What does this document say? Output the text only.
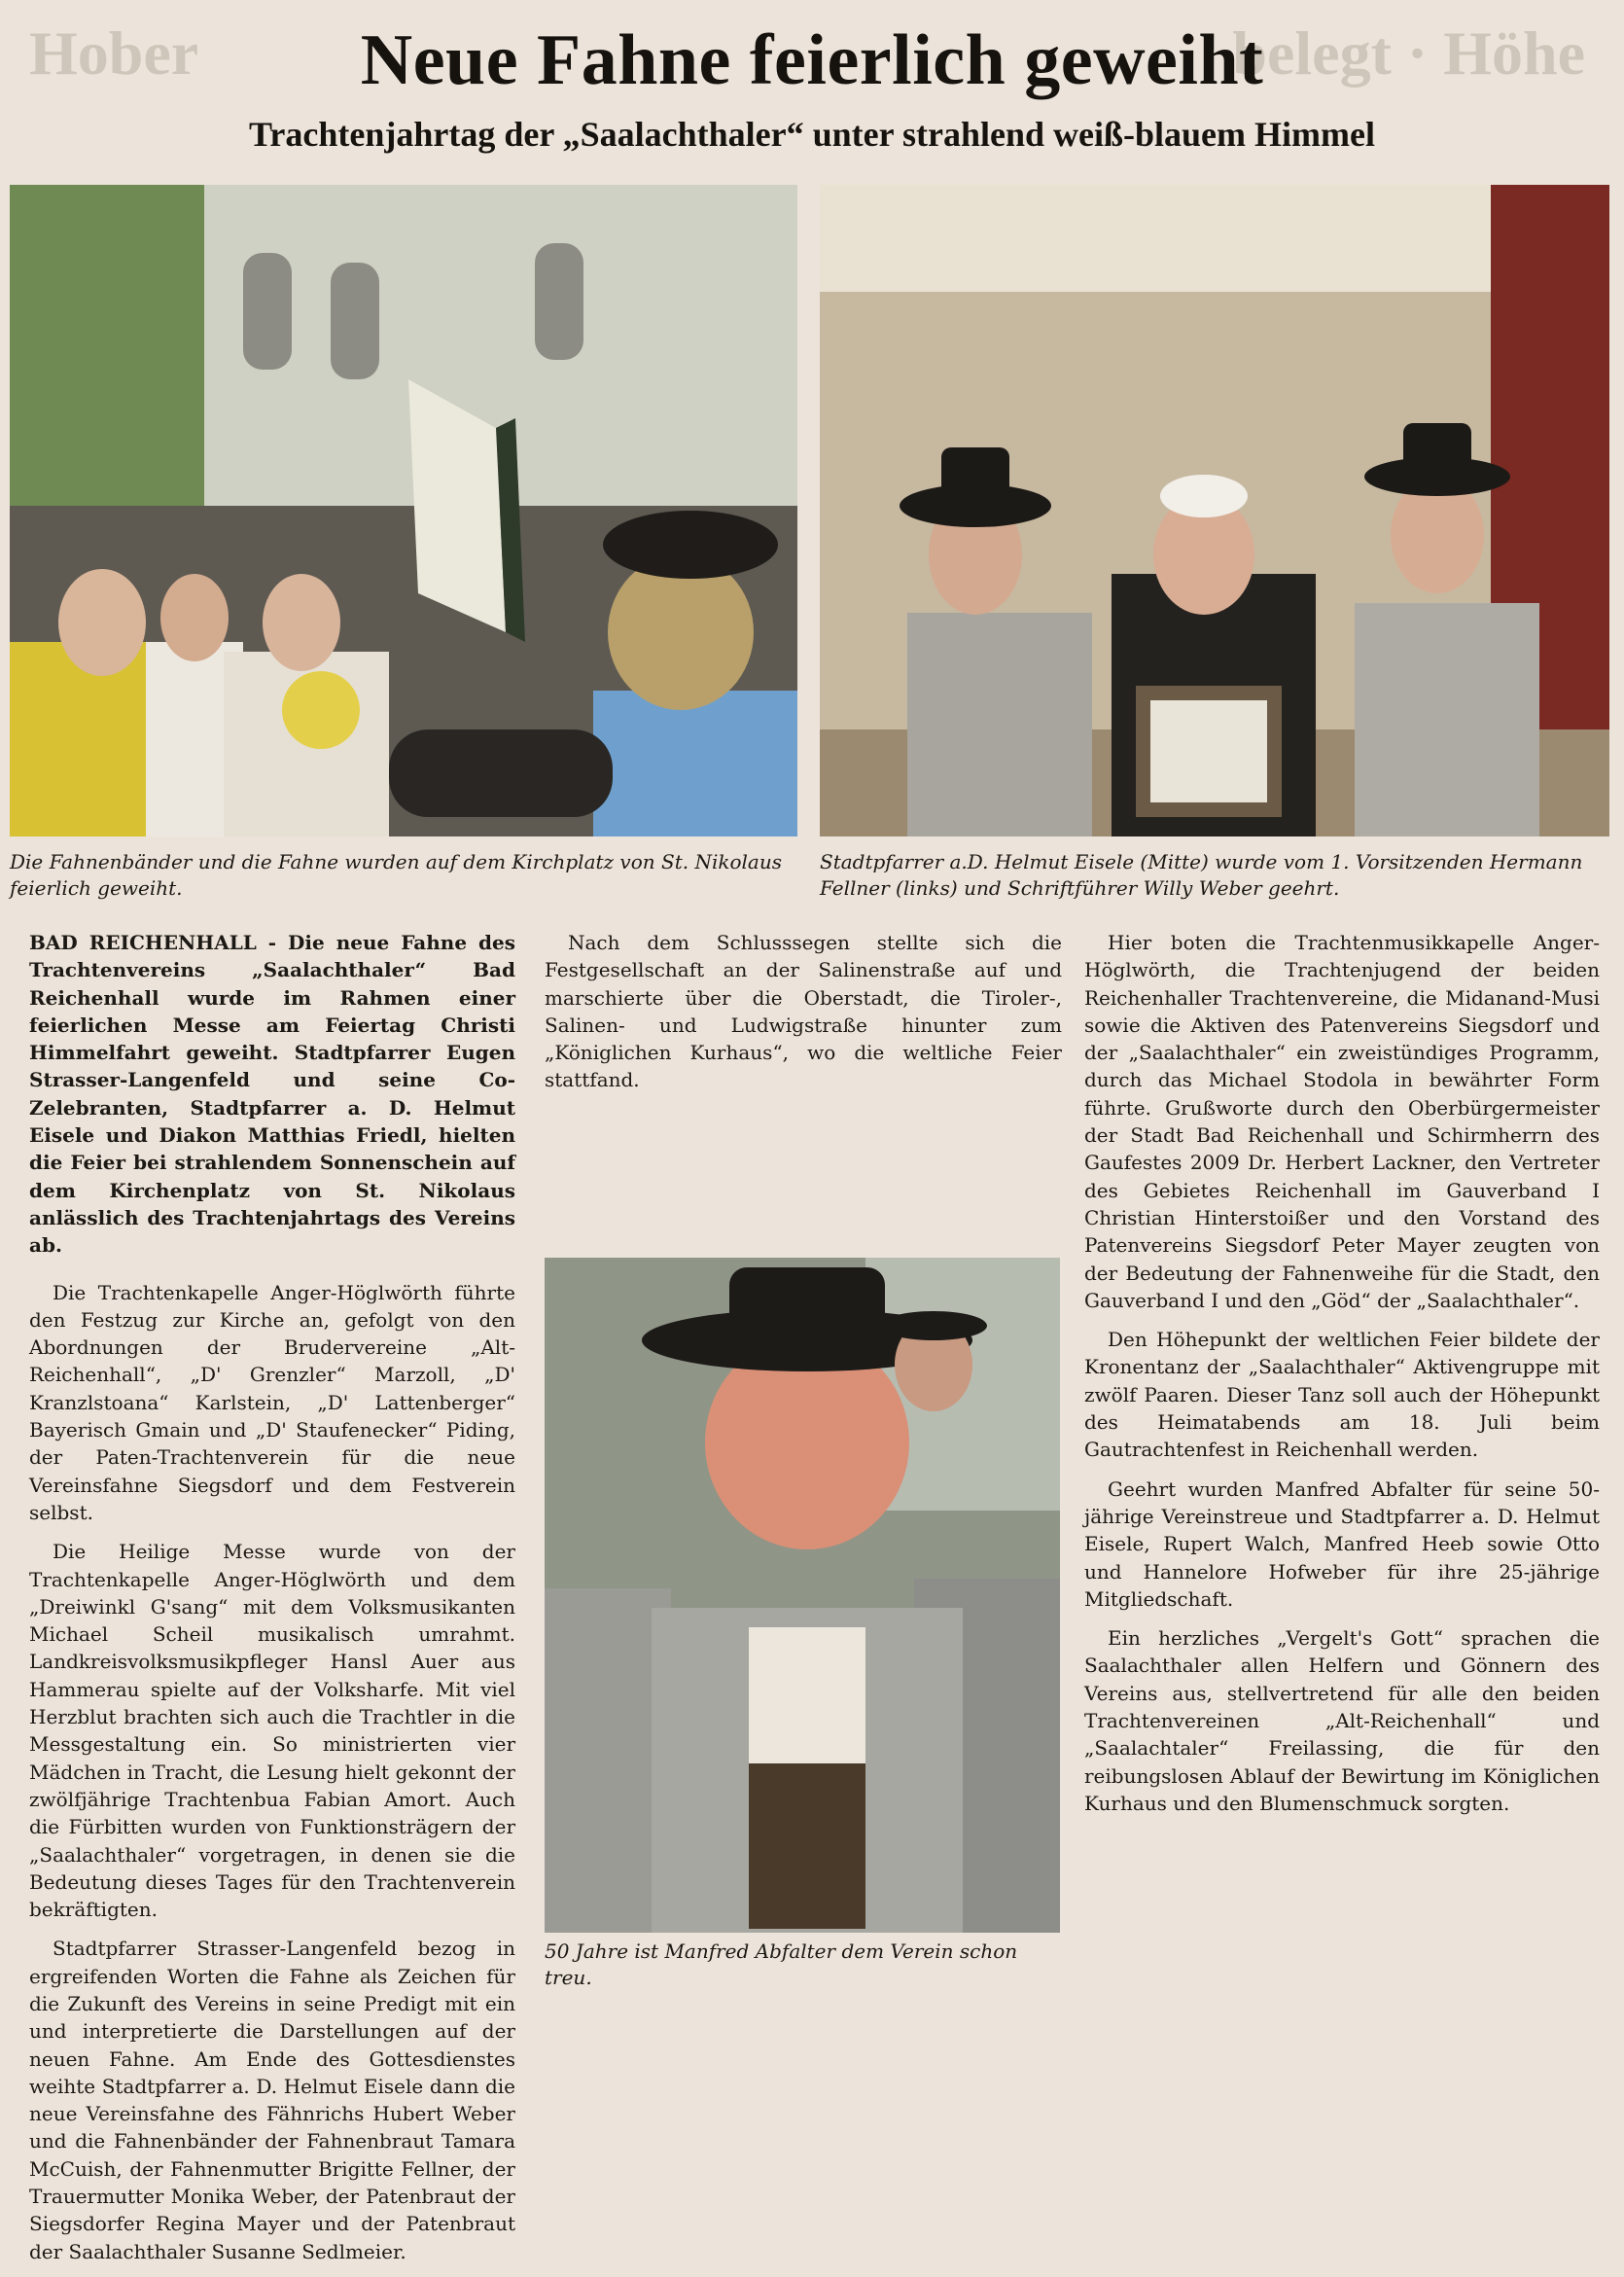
Hober	belegt · Höhe
Neue Fahne feierlich geweiht
Trachtenjahrtag der „Saalachthaler“ unter strahlend weiß-blauem Himmel

Die Fahnenbänder und die Fahne wurden auf dem Kirchplatz von St. Nikolaus feierlich geweiht.

Stadtpfarrer a.D. Helmut Eisele (Mitte) wurde vom 1. Vorsitzenden Hermann Fellner (links) und Schriftführer Willy Weber geehrt.

50 Jahre ist Manfred Abfalter dem Verein schon treu.

BAD REICHENHALL - Die neue Fahne des Trachtenvereins „Saalachthaler“ Bad Reichenhall wurde im Rahmen einer feierlichen Messe am Feiertag Christi Himmelfahrt geweiht. Stadtpfarrer Eugen Strasser-Langenfeld und seine Co-Zelebranten, Stadtpfarrer a. D. Helmut Eisele und Diakon Matthias Friedl, hielten die Feier bei strahlendem Sonnenschein auf dem Kirchenplatz von St. Nikolaus anlässlich des Trachtenjahrtags des Vereins ab.

Die Trachtenkapelle Anger-Höglwörth führte den Festzug zur Kirche an, gefolgt von den Abordnungen der Brudervereine „Alt-Reichenhall“, „D' Grenzler“ Marzoll, „D' Kranzlstoana“ Karlstein, „D' Lattenberger“ Bayerisch Gmain und „D' Staufenecker“ Piding, der Paten-Trachtenverein für die neue Vereinsfahne Siegsdorf und dem Festverein selbst.

Die Heilige Messe wurde von der Trachtenkapelle Anger-Höglwörth und dem „Dreiwinkl G'sang“ mit dem Volksmusikanten Michael Scheil musikalisch umrahmt. Landkreisvolksmusikpfleger Hansl Auer aus Hammerau spielte auf der Volksharfe. Mit viel Herzblut brachten sich auch die Trachtler in die Messgestaltung ein. So ministrierten vier Mädchen in Tracht, die Lesung hielt gekonnt der zwölfjährige Trachtenbua Fabian Amort. Auch die Fürbitten wurden von Funktionsträgern der „Saalachthaler“ vorgetragen, in denen sie die Bedeutung dieses Tages für den Trachtenverein bekräftigten.

Stadtpfarrer Strasser-Langenfeld bezog in ergreifenden Worten die Fahne als Zeichen für die Zukunft des Vereins in seine Predigt mit ein und interpretierte die Darstellungen auf der neuen Fahne. Am Ende des Gottesdienstes weihte Stadtpfarrer a. D. Helmut Eisele dann die neue Vereinsfahne des Fähnrichs Hubert Weber und die Fahnenbänder der Fahnenbraut Tamara McCuish, der Fahnenmutter Brigitte Fellner, der Trauermutter Monika Weber, der Patenbraut der Siegsdorfer Regina Mayer und der Patenbraut der Saalachthaler Susanne Sedlmeier.

Nach dem Schlusssegen stellte sich die Festgesellschaft an der Salinenstraße auf und marschierte über die Oberstadt, die Tiroler-, Salinen- und Ludwigstraße hinunter zum „Königlichen Kurhaus“, wo die weltliche Feier stattfand.

Hier boten die Trachtenmusikkapelle Anger-Höglwörth, die Trachtenjugend der beiden Reichenhaller Trachtenvereine, die Midanand-Musi sowie die Aktiven des Patenvereins Siegsdorf und der „Saalachthaler“ ein zweistündiges Programm, durch das Michael Stodola in bewährter Form führte. Grußworte durch den Oberbürgermeister der Stadt Bad Reichenhall und Schirmherrn des Gaufestes 2009 Dr. Herbert Lackner, den Vertreter des Gebietes Reichenhall im Gauverband I Christian Hinterstoißer und den Vorstand des Patenvereins Siegsdorf Peter Mayer zeugten von der Bedeutung der Fahnenweihe für die Stadt, den Gauverband I und den „Göd“ der „Saalachthaler“.

Den Höhepunkt der weltlichen Feier bildete der Kronentanz der „Saalachthaler“ Aktivengruppe mit zwölf Paaren. Dieser Tanz soll auch der Höhepunkt des Heimatabends am 18. Juli beim Gautrachtenfest in Reichenhall werden.

Geehrt wurden Manfred Abfalter für seine 50-jährige Vereinstreue und Stadtpfarrer a. D. Helmut Eisele, Rupert Walch, Manfred Heeb sowie Otto und Hannelore Hofweber für ihre 25-jährige Mitgliedschaft.

Ein herzliches „Vergelt's Gott“ sprachen die Saalachthaler allen Helfern und Gönnern des Vereins aus, stellvertretend für alle den beiden Trachtenvereinen „Alt-Reichenhall“ und „Saalachtaler“ Freilassing, die für den reibungslosen Ablauf der Bewirtung im Königlichen Kurhaus und den Blumenschmuck sorgten.
